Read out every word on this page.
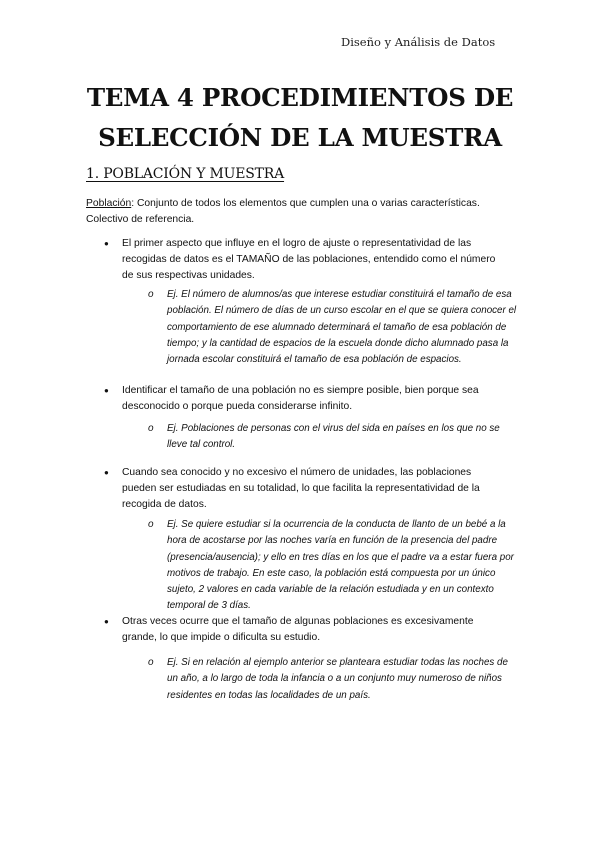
Diseño y Análisis de Datos
TEMA 4 PROCEDIMIENTOS DE
SELECCIÓN DE LA MUESTRA
1. POBLACIÓN Y MUESTRA

Población: Conjunto de todos los elementos que cumplen una o varias características. Colectivo de referencia.

● El primer aspecto que influye en el logro de ajuste o representatividad de las recogidas de datos es el TAMAÑO de las poblaciones, entendido como el número de sus respectivas unidades.

o Ej. El número de alumnos/as que interese estudiar constituirá el tamaño de esa población. El número de días de un curso escolar en el que se quiera conocer el comportamiento de ese alumnado determinará el tamaño de esa población de tiempo; y la cantidad de espacios de la escuela donde dicho alumnado pasa la jornada escolar constituirá el tamaño de esa población de espacios.

● Identificar el tamaño de una población no es siempre posible, bien porque sea desconocido o porque pueda considerarse infinito.

o Ej. Poblaciones de personas con el virus del sida en países en los que no se lleve tal control.

● Cuando sea conocido y no excesivo el número de unidades, las poblaciones pueden ser estudiadas en su totalidad, lo que facilita la representatividad de la recogida de datos.

o Ej. Se quiere estudiar si la ocurrencia de la conducta de llanto de un bebé a la hora de acostarse por las noches varía en función de la presencia del padre (presencia/ausencia); y ello en tres días en los que el padre va a estar fuera por motivos de trabajo. En este caso, la población está compuesta por un único sujeto, 2 valores en cada variable de la relación estudiada y en un contexto temporal de 3 días.

● Otras veces ocurre que el tamaño de algunas poblaciones es excesivamente grande, lo que impide o dificulta su estudio.

o Ej. Si en relación al ejemplo anterior se planteara estudiar todas las noches de un año, a lo largo de toda la infancia o a un conjunto muy numeroso de niños residentes en todas las localidades de un país.
